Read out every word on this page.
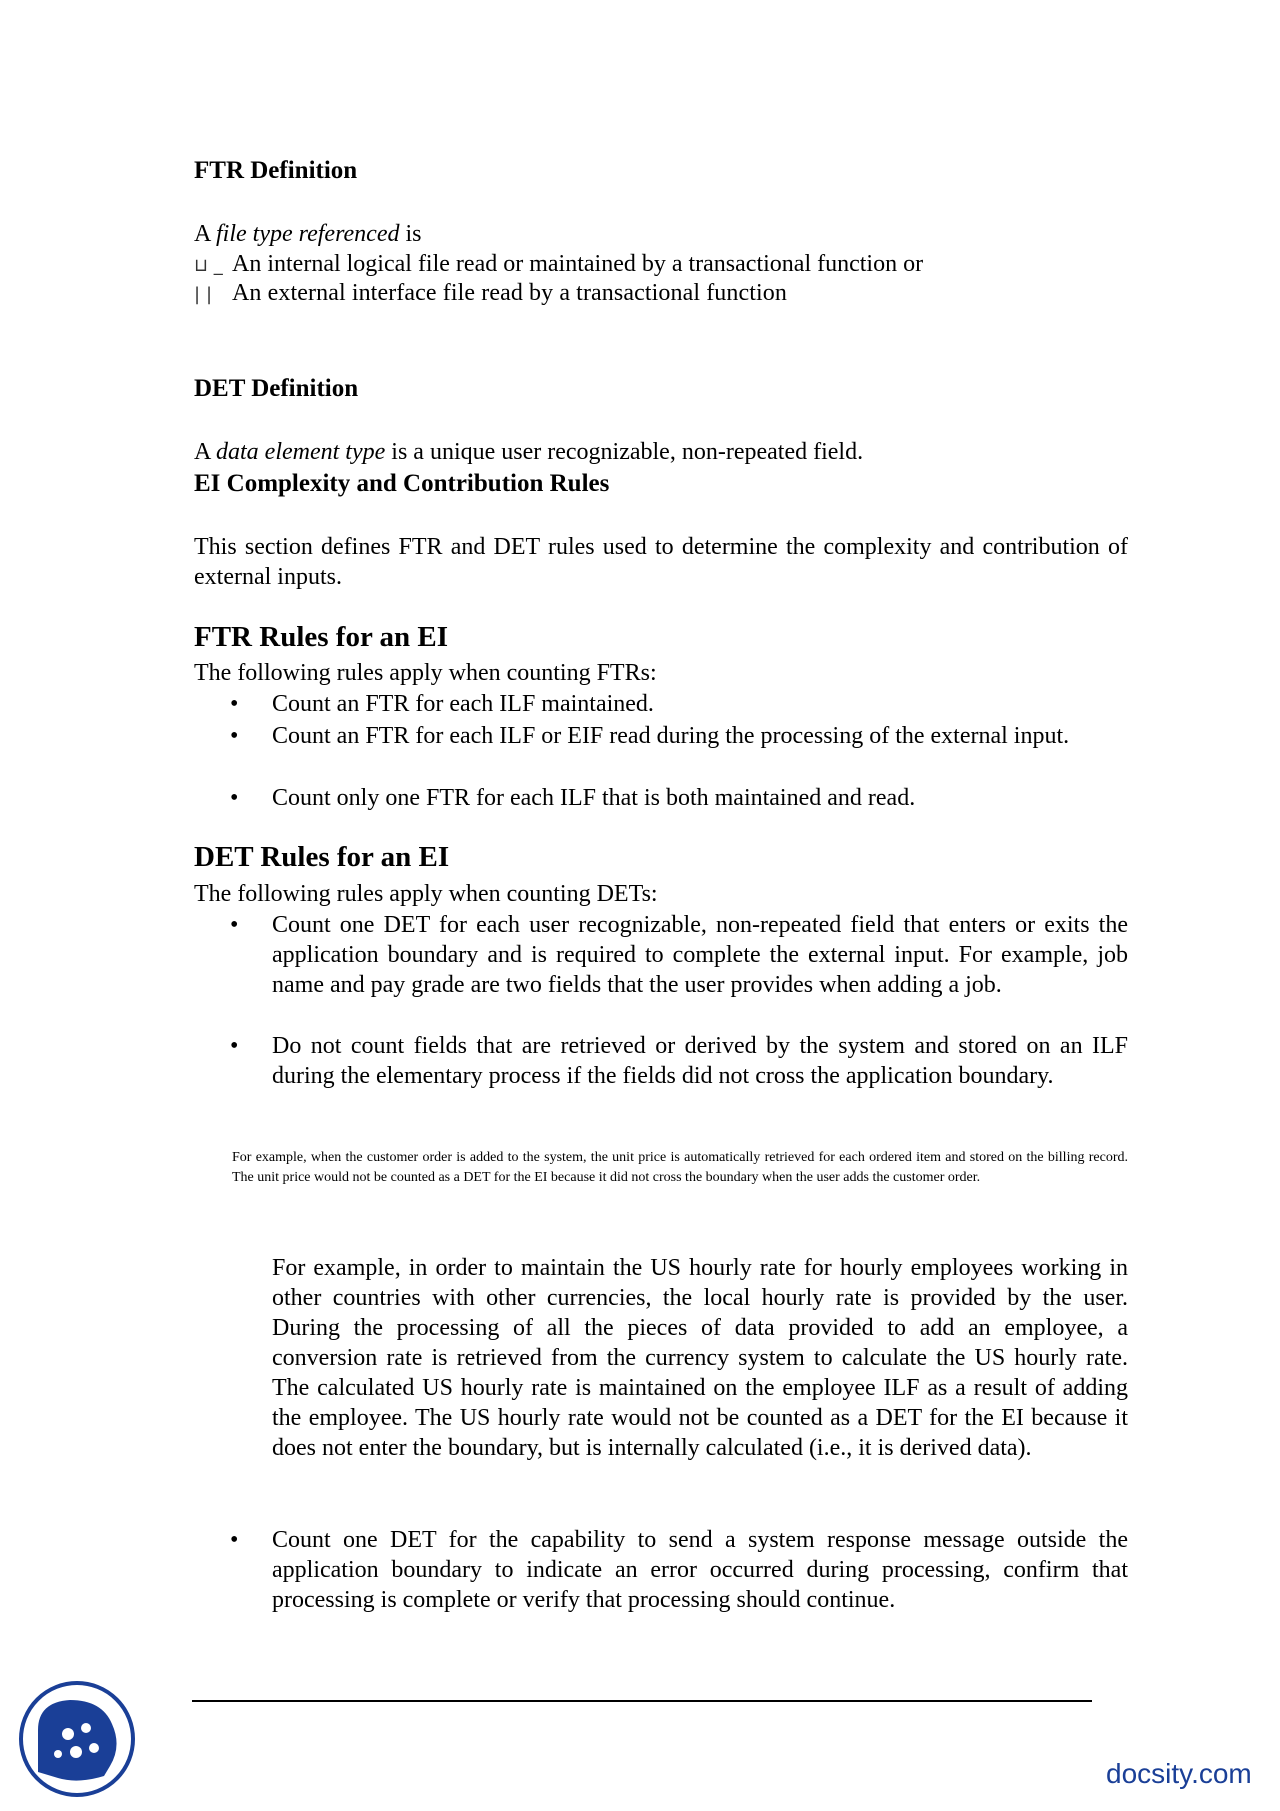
FTR Definition
A file type referenced is
⊔ _ An internal logical file read or maintained by a transactional function or
| | An external interface file read by a transactional function
DET Definition
A data element type is a unique user recognizable, non-repeated field.
EI Complexity and Contribution Rules
This section defines FTR and DET rules used to determine the complexity and contribution of external inputs.
FTR Rules for an EI
The following rules apply when counting FTRs:
•	Count an FTR for each ILF maintained.
•	Count an FTR for each ILF or EIF read during the processing of the external input.
•	Count only one FTR for each ILF that is both maintained and read.
DET Rules for an EI
The following rules apply when counting DETs:
•	Count one DET for each user recognizable, non-repeated field that enters or exits the application boundary and is required to complete the external input. For example, job name and pay grade are two fields that the user provides when adding a job.
•	Do not count fields that are retrieved or derived by the system and stored on an ILF during the elementary process if the fields did not cross the application boundary.
For example, when the customer order is added to the system, the unit price is automatically retrieved for each ordered item and stored on the billing record. The unit price would not be counted as a DET for the EI because it did not cross the boundary when the user adds the customer order.
For example, in order to maintain the US hourly rate for hourly employees working in other countries with other currencies, the local hourly rate is provided by the user. During the processing of all the pieces of data provided to add an employee, a conversion rate is retrieved from the currency system to calculate the US hourly rate. The calculated US hourly rate is maintained on the employee ILF as a result of adding the employee. The US hourly rate would not be counted as a DET for the EI because it does not enter the boundary, but is internally calculated (i.e., it is derived data).
•	Count one DET for the capability to send a system response message outside the application boundary to indicate an error occurred during processing, confirm that processing is complete or verify that processing should continue.
docsity.com
